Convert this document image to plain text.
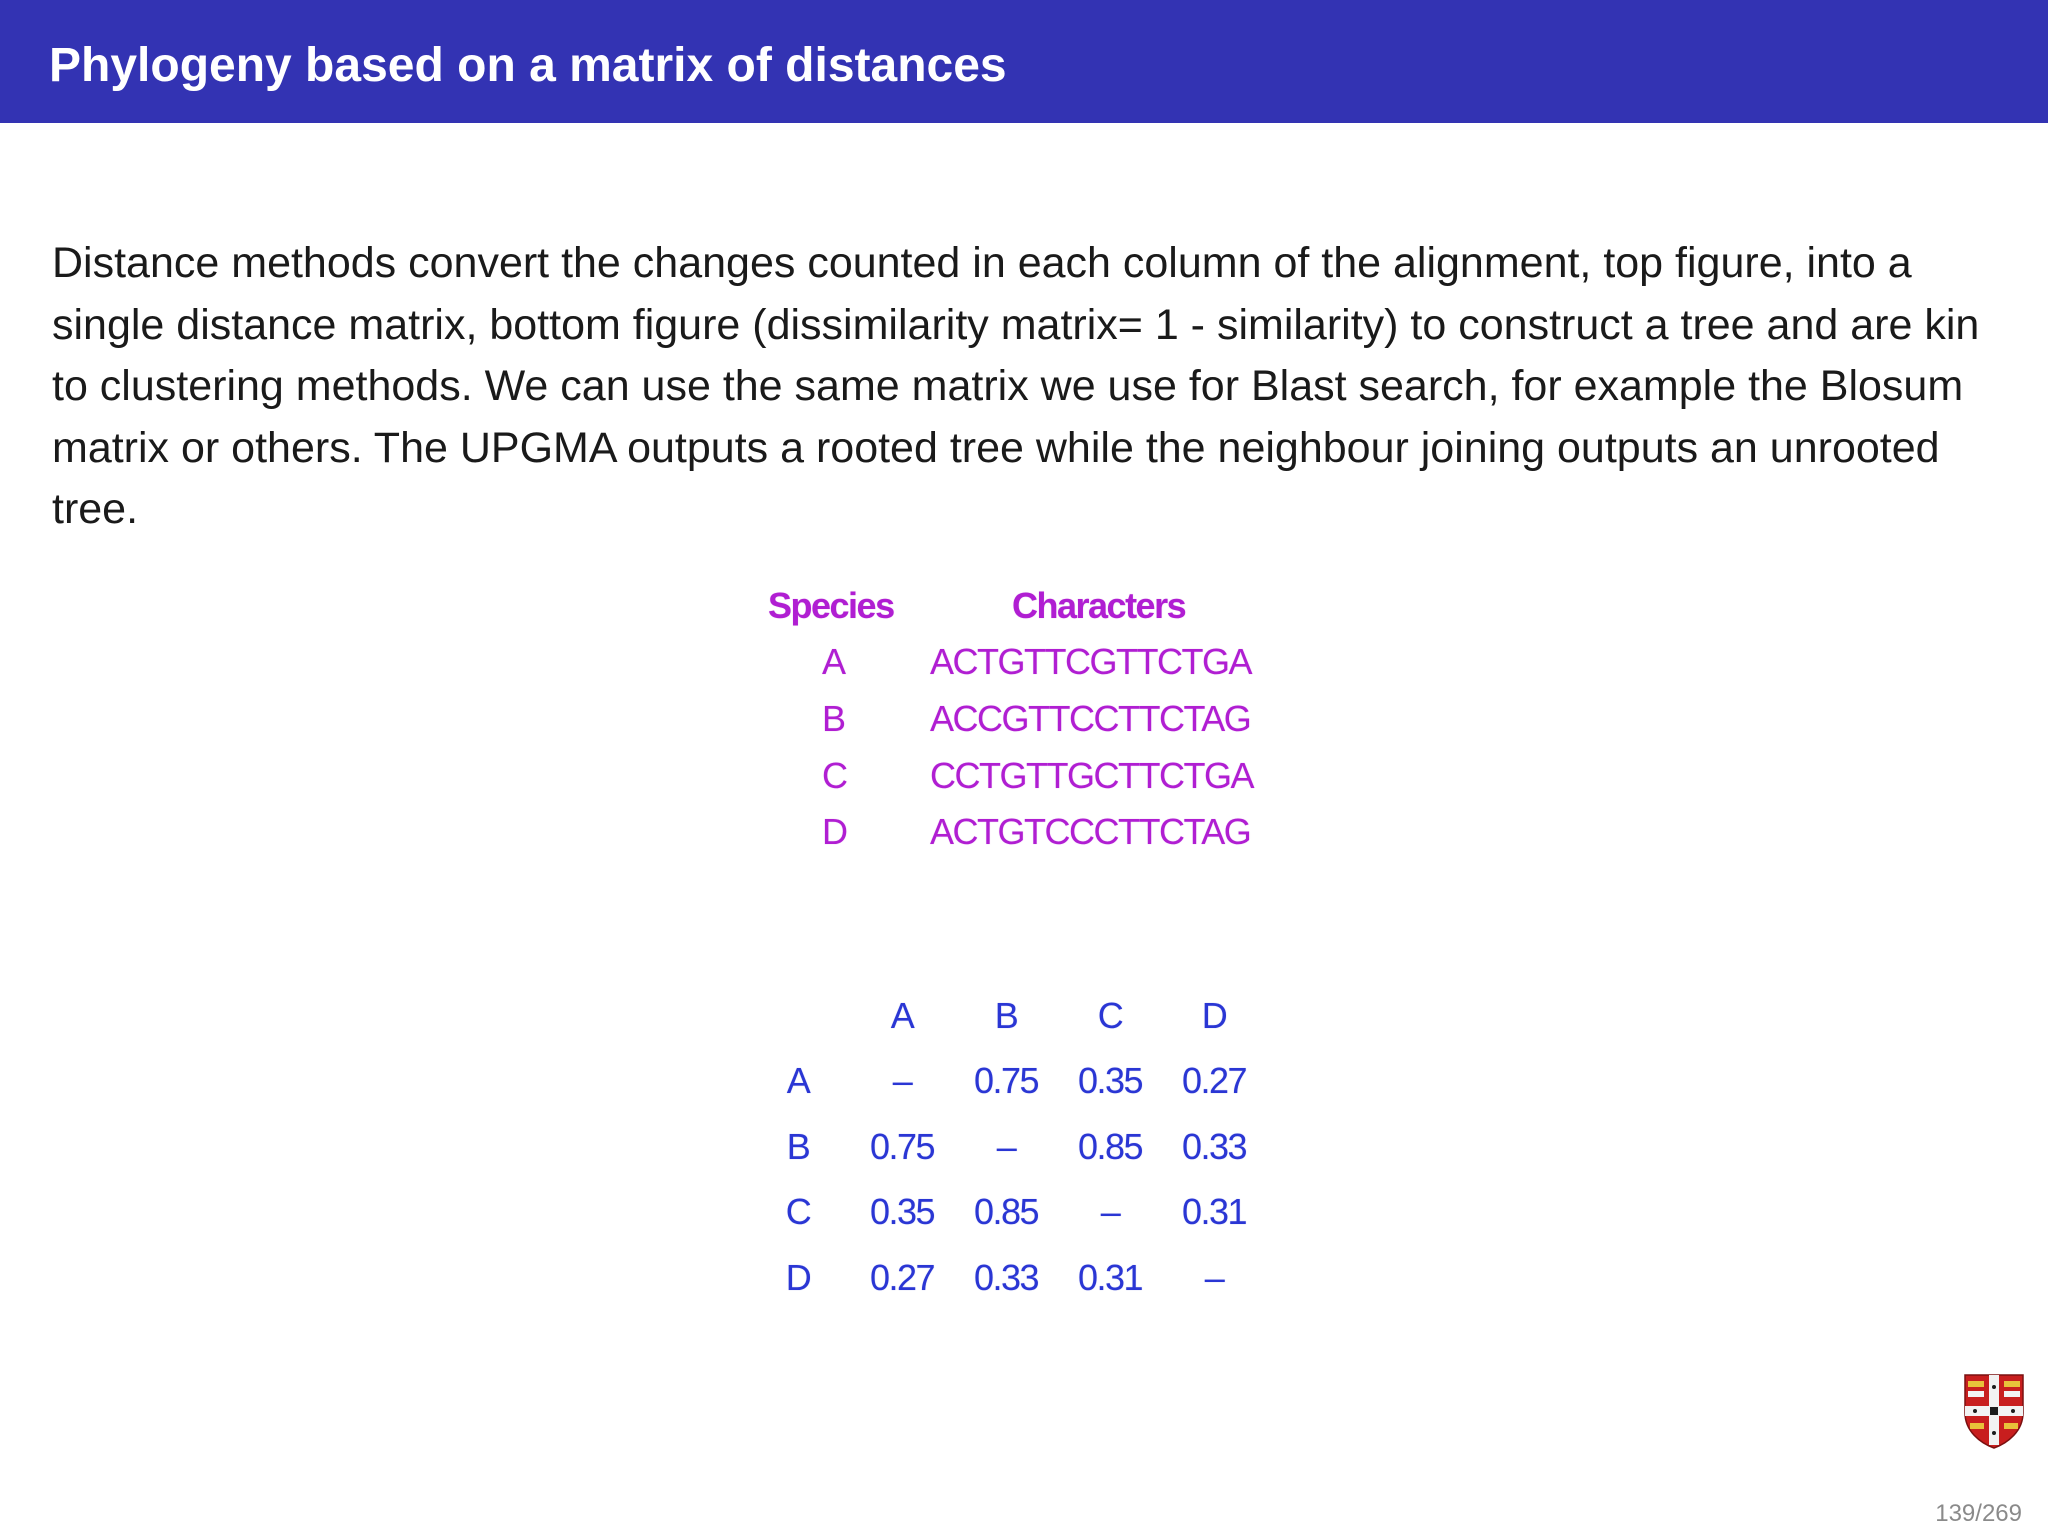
Phylogeny based on a matrix of distances
Distance methods convert the changes counted in each column of the alignment, top figure, into a single distance matrix, bottom figure (dissimilarity matrix= 1 - similarity) to construct a tree and are kin to clustering methods. We can use the same matrix we use for Blast search, for example the Blosum matrix or others. The UPGMA outputs a rooted tree while the neighbour joining outputs an unrooted tree.
Species	Characters
A ACTGTTCGTTCTGA
B ACCGTTCCTTCTAG
C CCTGTTGCTTCTGA
D ACTGTCCCTTCTAG
A B C D
A – 0.75 0.35 0.27
B 0.75 – 0.85 0.33
C 0.35 0.85 – 0.31
D 0.27 0.33 0.31 –
139/269
